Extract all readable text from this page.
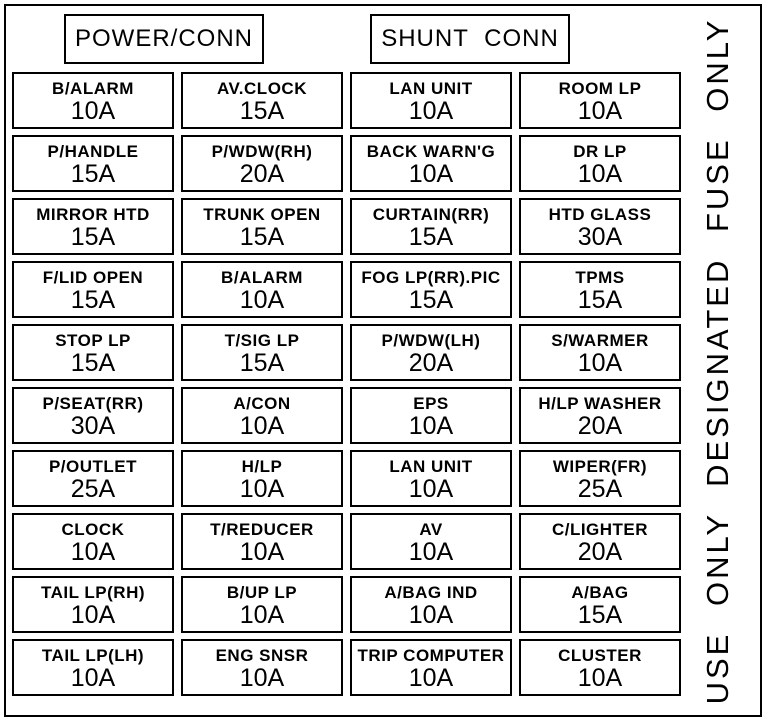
POWER/CONN	SHUNT CONN
B/ALARM
10A
AV.CLOCK
15A
LAN UNIT
10A
ROOM LP
10A
P/HANDLE
15A
P/WDW(RH)
20A
BACK WARN'G
10A
DR LP
10A
MIRROR HTD
15A
TRUNK OPEN
15A
CURTAIN(RR)
15A
HTD GLASS
30A
F/LID OPEN
15A
B/ALARM
10A
FOG LP(RR).PIC
15A
TPMS
15A
STOP LP
15A
T/SIG LP
15A
P/WDW(LH)
20A
S/WARMER
10A
P/SEAT(RR)
30A
A/CON
10A
EPS
10A
H/LP WASHER
20A
P/OUTLET
25A
H/LP
10A
LAN UNIT
10A
WIPER(FR)
25A
CLOCK
10A
T/REDUCER
10A
AV
10A
C/LIGHTER
20A
TAIL LP(RH)
10A
B/UP LP
10A
A/BAG IND
10A
A/BAG
15A
TAIL LP(LH)
10A
ENG SNSR
10A
TRIP COMPUTER
10A
CLUSTER
10A	USE ONLY DESIGNATED FUSE ONLY
